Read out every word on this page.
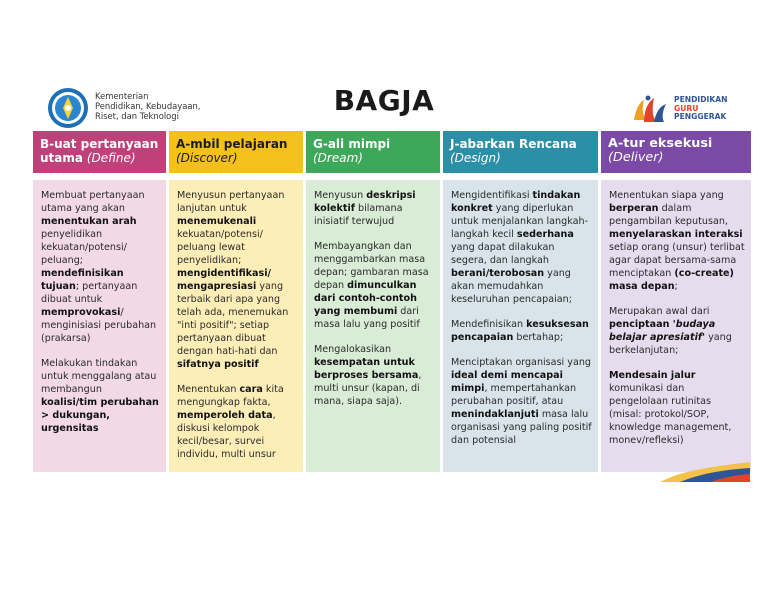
Kementerian
Pendidikan, Kebudayaan,
Riset, dan Teknologi	BAGJA	PENDIDIKAN
GURU
PENGGERAK
B-uat pertanyaan utama (Define)

Membuat pertanyaan utama yang akan menentukan arah penyelidikan kekuatan/potensi/ peluang; mendefinisikan tujuan; pertanyaan dibuat untuk memprovokasi/ menginisiasi perubahan (prakarsa)

Melakukan tindakan untuk menggalang atau membangun koalisi/tim perubahan > dukungan, urgensitas

A-mbil pelajaran
(Discover)

Menyusun pertanyaan lanjutan untuk menemukenali kekuatan/potensi/ peluang lewat penyelidikan; mengidentifikasi/ mengapresiasi yang terbaik dari apa yang telah ada, menemukan "inti positif"; setiap pertanyaan dibuat dengan hati-hati dan sifatnya positif

Menentukan cara kita mengungkap fakta, memperoleh data, diskusi kelompok kecil/besar, survei individu, multi unsur

G-ali mimpi
(Dream)

Menyusun deskripsi kolektif bilamana inisiatif terwujud

Membayangkan dan menggambarkan masa depan; gambaran masa depan dimunculkan dari contoh-contoh yang membumi dari masa lalu yang positif

Mengalokasikan kesempatan untuk berproses bersama, multi unsur (kapan, di mana, siapa saja).

J-abarkan Rencana
(Design)

Mengidentifikasi tindakan konkret yang diperlukan untuk menjalankan langkah-langkah kecil sederhana yang dapat dilakukan segera, dan langkah berani/terobosan yang akan memudahkan keseluruhan pencapaian;

Mendefinisikan kesuksesan pencapaian bertahap;

Menciptakan organisasi yang ideal demi mencapai mimpi, mempertahankan perubahan positif, atau menindaklanjuti masa lalu organisasi yang paling positif dan potensial

A-tur eksekusi
(Deliver)

Menentukan siapa yang berperan dalam pengambilan keputusan, menyelaraskan interaksi setiap orang (unsur) terlibat agar dapat bersama-sama menciptakan (co-create) masa depan;

Merupakan awal dari penciptaan 'budaya belajar apresiatif' yang berkelanjutan;

Mendesain jalur komunikasi dan pengelolaan rutinitas (misal: protokol/SOP, knowledge management, monev/refleksi)
